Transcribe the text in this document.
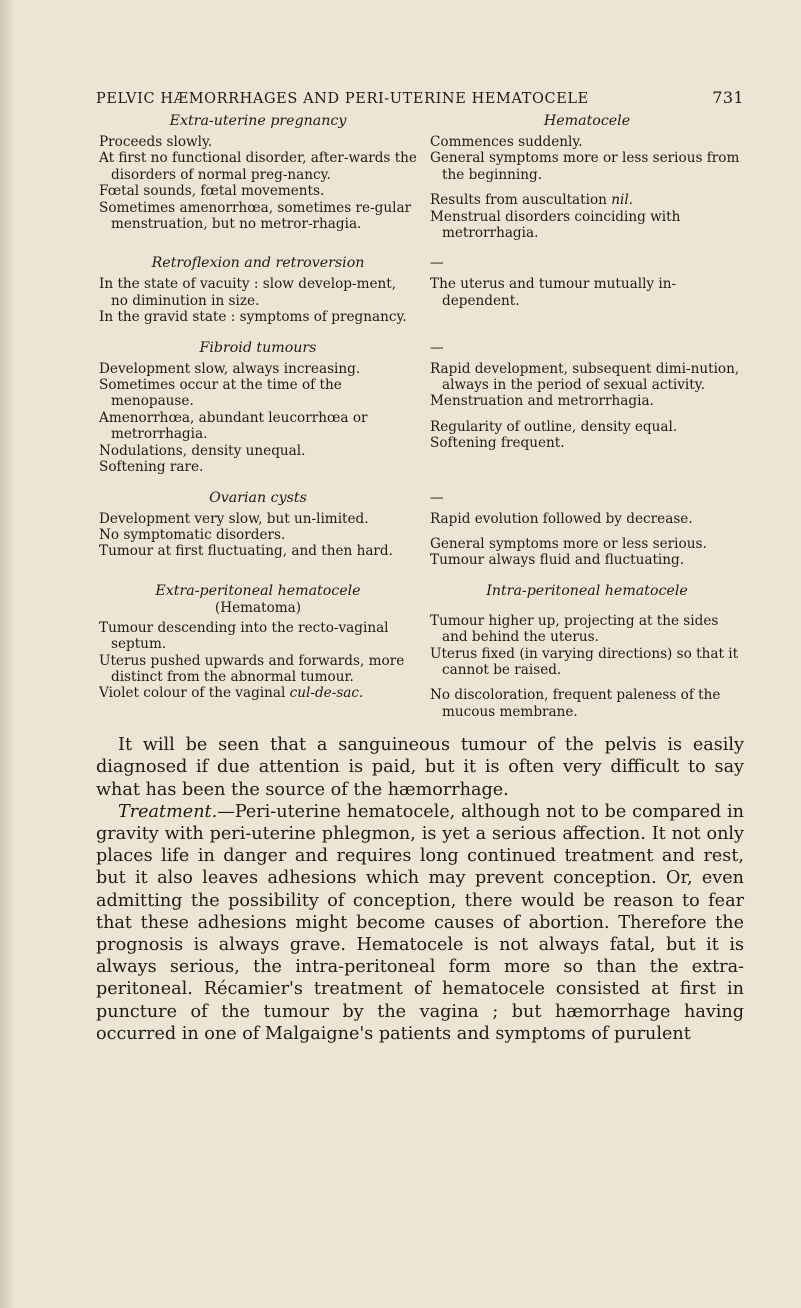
PELVIC HÆMORRHAGES AND PERI-UTERINE HEMATOCELE	731
Extra-uterine pregnancy
Proceeds slowly.
At first no functional disorder, after-wards the disorders of normal preg-nancy.
Fœtal sounds, fœtal movements.
Sometimes amenorrhœa, sometimes re-gular menstruation, but no metror-rhagia.
Hematocele
Commences suddenly.
General symptoms more or less serious from the beginning.
Results from auscultation nil.
Menstrual disorders coinciding with metrorrhagia.
Retroflexion and retroversion
In the state of vacuity : slow develop-ment, no diminution in size.
In the gravid state : symptoms of pregnancy.
—
The uterus and tumour mutually in-dependent.
Fibroid tumours
Development slow, always increasing.
Sometimes occur at the time of the menopause.
Amenorrhœa, abundant leucorrhœa or metrorrhagia.
Nodulations, density unequal.
Softening rare.
—
Rapid development, subsequent dimi-nution, always in the period of sexual activity.
Menstruation and metrorrhagia.
Regularity of outline, density equal.
Softening frequent.
Ovarian cysts
Development very slow, but un-limited.
No symptomatic disorders.
Tumour at first fluctuating, and then hard.
—
Rapid evolution followed by decrease.
General symptoms more or less serious.
Tumour always fluid and fluctuating.
Extra-peritoneal hematocele
(Hematoma)
Tumour descending into the recto-vaginal septum.
Uterus pushed upwards and forwards, more distinct from the abnormal tumour.
Violet colour of the vaginal cul-de-sac.
Intra-peritoneal hematocele
Tumour higher up, projecting at the sides and behind the uterus.
Uterus fixed (in varying directions) so that it cannot be raised.
No discoloration, frequent paleness of the mucous membrane.

It will be seen that a sanguineous tumour of the pelvis is easily diagnosed if due attention is paid, but it is often very difficult to say what has been the source of the hæmorrhage.

Treatment.—Peri-uterine hematocele, although not to be compared in gravity with peri-uterine phlegmon, is yet a serious affection. It not only places life in danger and requires long continued treatment and rest, but it also leaves adhesions which may prevent conception. Or, even admitting the possibility of conception, there would be reason to fear that these adhesions might become causes of abortion. Therefore the prognosis is always grave. Hematocele is not always fatal, but it is always serious, the intra-peritoneal form more so than the extra-peritoneal. Récamier's treatment of hematocele consisted at first in puncture of the tumour by the vagina ; but hæmorrhage having occurred in one of Malgaigne's patients and symptoms of purulent
